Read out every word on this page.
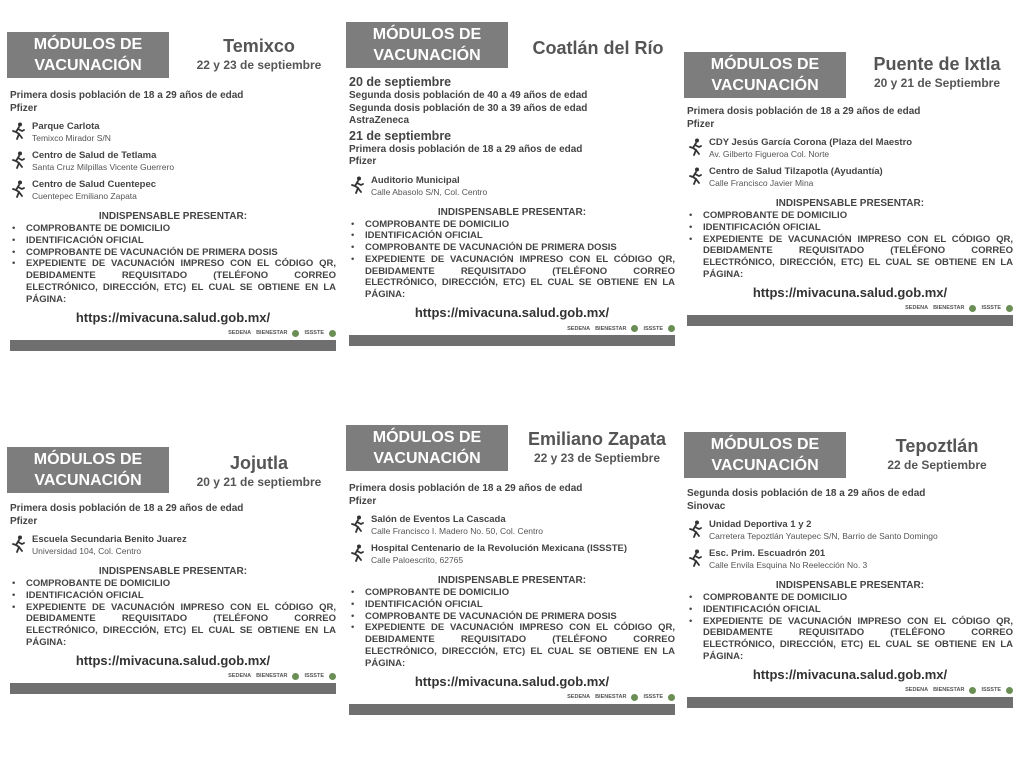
MÓDULOS DE
VACUNACIÓN
Temixco
22 y 23 de septiembre
Primera dosis población de 18 a 29 años de edad
Pfizer
Parque Carlota
Temixco Mirador S/N
Centro de Salud de Tetlama
Santa Cruz Milpillas Vicente Guerrero
Centro de Salud Cuentepec
Cuentepec Emiliano Zapata
INDISPENSABLE PRESENTAR:
• COMPROBANTE DE DOMICILIO
• IDENTIFICACIÓN OFICIAL
• COMPROBANTE DE VACUNACIÓN DE PRIMERA DOSIS
• EXPEDIENTE DE VACUNACIÓN IMPRESO CON EL CÓDIGO QR, DEBIDAMENTE REQUISITADO (TELÉFONO CORREO ELECTRÓNICO, DIRECCIÓN, ETC) EL CUAL SE OBTIENE EN LA PÁGINA:
https://mivacuna.salud.gob.mx/
SEDENA BIENESTAR	ISSSTE
MÓDULOS DE
VACUNACIÓN	Coatlán del Río
20 de septiembre
Segunda dosis población de 40 a 49 años de edad
Segunda dosis población de 30 a 39 años de edad
AstraZeneca
21 de septiembre
Primera dosis población de 18 a 29 años de edad
Pfizer
Auditorio Municipal
Calle Abasolo S/N, Col. Centro
INDISPENSABLE PRESENTAR:
• COMPROBANTE DE DOMICILIO
• IDENTIFICACIÓN OFICIAL
• COMPROBANTE DE VACUNACIÓN DE PRIMERA DOSIS
• EXPEDIENTE DE VACUNACIÓN IMPRESO CON EL CÓDIGO QR, DEBIDAMENTE REQUISITADO (TELÉFONO CORREO ELECTRÓNICO, DIRECCIÓN, ETC) EL CUAL SE OBTIENE EN LA PÁGINA:
https://mivacuna.salud.gob.mx/
SEDENA BIENESTAR	ISSSTE
MÓDULOS DE
VACUNACIÓN
Puente de Ixtla
20 y 21 de Septiembre
Primera dosis población de 18 a 29 años de edad
Pfizer
CDY Jesús García Corona (Plaza del Maestro
Av. Gilberto Figueroa Col. Norte
Centro de Salud Tilzapotla (Ayudantía)
Calle Francisco Javier Mina
INDISPENSABLE PRESENTAR:
• COMPROBANTE DE DOMICILIO
• IDENTIFICACIÓN OFICIAL
• EXPEDIENTE DE VACUNACIÓN IMPRESO CON EL CÓDIGO QR, DEBIDAMENTE REQUISITADO (TELÉFONO CORREO ELECTRÓNICO, DIRECCIÓN, ETC) EL CUAL SE OBTIENE EN LA PÁGINA:
https://mivacuna.salud.gob.mx/
SEDENA BIENESTAR	ISSSTE
MÓDULOS DE
VACUNACIÓN
Jojutla
20 y 21 de septiembre
Primera dosis población de 18 a 29 años de edad
Pfizer
Escuela Secundaria Benito Juarez
Universidad 104, Col. Centro
INDISPENSABLE PRESENTAR:
• COMPROBANTE DE DOMICILIO
• IDENTIFICACIÓN OFICIAL
• EXPEDIENTE DE VACUNACIÓN IMPRESO CON EL CÓDIGO QR, DEBIDAMENTE REQUISITADO (TELÉFONO CORREO ELECTRÓNICO, DIRECCIÓN, ETC) EL CUAL SE OBTIENE EN LA PÁGINA:
https://mivacuna.salud.gob.mx/
SEDENA BIENESTAR	ISSSTE
MÓDULOS DE
VACUNACIÓN
Emiliano Zapata
22 y 23 de Septiembre
Primera dosis población de 18 a 29 años de edad
Pfizer
Salón de Eventos La Cascada
Calle Francisco I. Madero No. 50, Col. Centro
Hospital Centenario de la Revolución Mexicana (ISSSTE)
Calle Paloescrito, 62765
INDISPENSABLE PRESENTAR:
• COMPROBANTE DE DOMICILIO
• IDENTIFICACIÓN OFICIAL
• COMPROBANTE DE VACUNACIÓN DE PRIMERA DOSIS
• EXPEDIENTE DE VACUNACIÓN IMPRESO CON EL CÓDIGO QR, DEBIDAMENTE REQUISITADO (TELÉFONO CORREO ELECTRÓNICO, DIRECCIÓN, ETC) EL CUAL SE OBTIENE EN LA PÁGINA:
https://mivacuna.salud.gob.mx/
SEDENA BIENESTAR	ISSSTE
MÓDULOS DE
VACUNACIÓN
Tepoztlán
22 de Septiembre
Segunda dosis población de 18 a 29 años de edad
Sinovac
Unidad Deportiva 1 y 2
Carretera Tepoztlán Yautepec S/N, Barrio de Santo Domingo
Esc. Prim. Escuadrón 201
Calle Envila Esquina No Reelección No. 3
INDISPENSABLE PRESENTAR:
• COMPROBANTE DE DOMICILIO
• IDENTIFICACIÓN OFICIAL
• EXPEDIENTE DE VACUNACIÓN IMPRESO CON EL CÓDIGO QR, DEBIDAMENTE REQUISITADO (TELÉFONO CORREO ELECTRÓNICO, DIRECCIÓN, ETC) EL CUAL SE OBTIENE EN LA PÁGINA:
https://mivacuna.salud.gob.mx/
SEDENA BIENESTAR	ISSSTE
